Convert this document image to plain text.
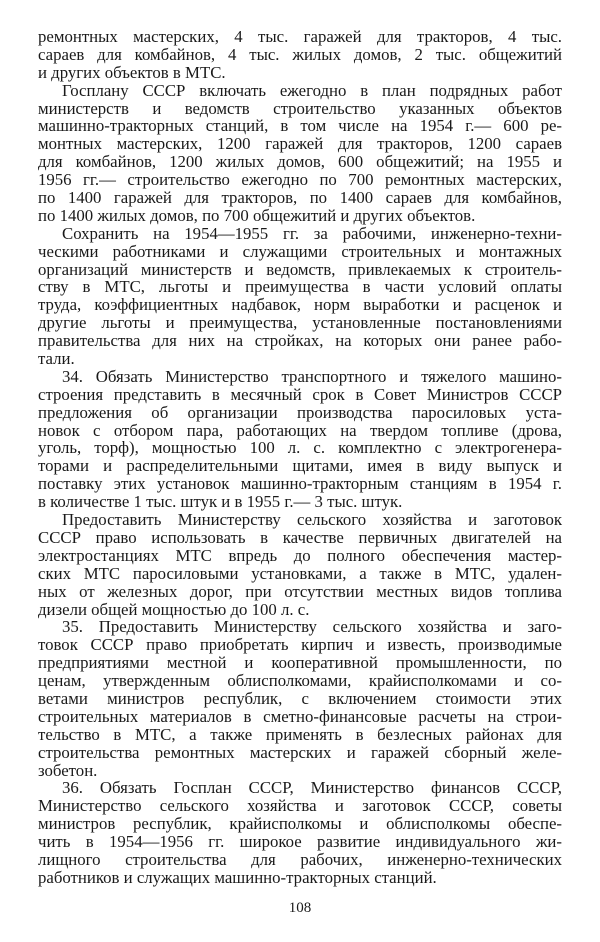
ремонтных мастерских, 4 тыс. гаражей для тракторов, 4 тыс.
сараев для комбайнов, 4 тыс. жилых домов, 2 тыс. общежитий
и других объектов в МТС.
Госплану СССР включать ежегодно в план подрядных работ
министерств и ведомств строительство указанных объектов
машинно-тракторных станций, в том числе на 1954 г.— 600 ре-
монтных мастерских, 1200 гаражей для тракторов, 1200 сараев
для комбайнов, 1200 жилых домов, 600 общежитий; на 1955 и
1956 гг.— строительство ежегодно по 700 ремонтных мастерских,
по 1400 гаражей для тракторов, по 1400 сараев для комбайнов,
по 1400 жилых домов, по 700 общежитий и других объектов.
Сохранить на 1954—1955 гг. за рабочими, инженерно-техни-
ческими работниками и служащими строительных и монтажных
организаций министерств и ведомств, привлекаемых к строитель-
ству в МТС, льготы и преимущества в части условий оплаты
труда, коэффициентных надбавок, норм выработки и расценок и
другие льготы и преимущества, установленные постановлениями
правительства для них на стройках, на которых они ранее рабо-
тали.
34. Обязать Министерство транспортного и тяжелого машино-
строения представить в месячный срок в Совет Министров СССР
предложения об организации производства паросиловых уста-
новок с отбором пара, работающих на твердом топливе (дрова,
уголь, торф), мощностью 100 л. с. комплектно с электрогенера-
торами и распределительными щитами, имея в виду выпуск и
поставку этих установок машинно-тракторным станциям в 1954 г.
в количестве 1 тыс. штук и в 1955 г.— 3 тыс. штук.
Предоставить Министерству сельского хозяйства и заготовок
СССР право использовать в качестве первичных двигателей на
электростанциях МТС впредь до полного обеспечения мастер-
ских МТС паросиловыми установками, а также в МТС, удален-
ных от железных дорог, при отсутствии местных видов топлива
дизели общей мощностью до 100 л. с.
35. Предоставить Министерству сельского хозяйства и заго-
товок СССР право приобретать кирпич и известь, производимые
предприятиями местной и кооперативной промышленности, по
ценам, утвержденным облисполкомами, крайисполкомами и со-
ветами министров республик, с включением стоимости этих
строительных материалов в сметно-финансовые расчеты на строи-
тельство в МТС, а также применять в безлесных районах для
строительства ремонтных мастерских и гаражей сборный желе-
зобетон.
36. Обязать Госплан СССР, Министерство финансов СССР,
Министерство сельского хозяйства и заготовок СССР, советы
министров республик, крайисполкомы и облисполкомы обеспе-
чить в 1954—1956 гг. широкое развитие индивидуального жи-
лищного строительства для рабочих, инженерно-технических
работников и служащих машинно-тракторных станций.
108
